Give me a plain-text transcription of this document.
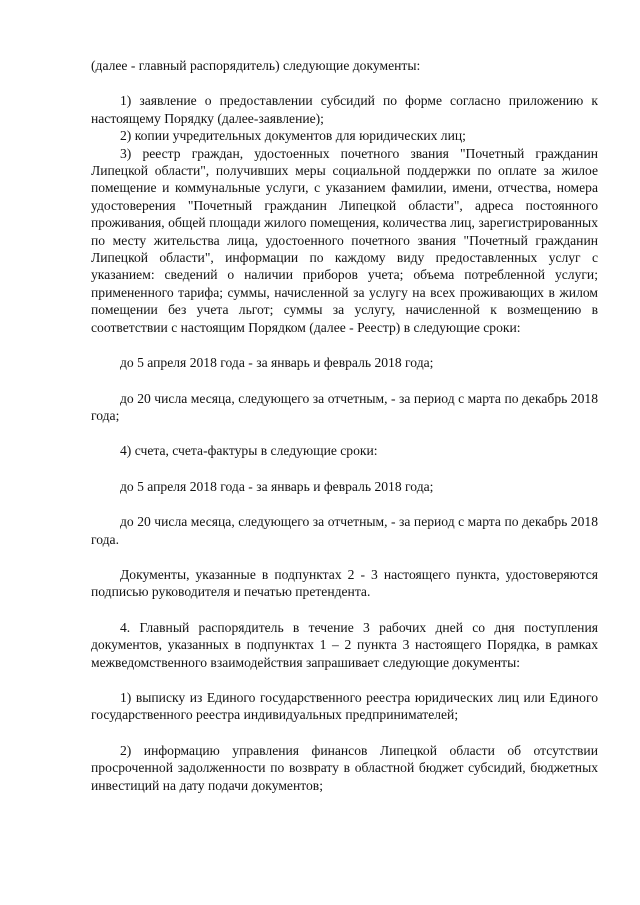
(далее - главный распорядитель) следующие документы:

1) заявление о предоставлении субсидий по форме согласно приложению к настоящему Порядку (далее-заявление);

2) копии учредительных документов для юридических лиц;

3) реестр граждан, удостоенных почетного звания "Почетный гражданин Липецкой области", получивших меры социальной поддержки по оплате за жилое помещение и коммунальные услуги, с указанием фамилии, имени, отчества, номера удостоверения "Почетный гражданин Липецкой области", адреса постоянного проживания, общей площади жилого помещения, количества лиц, зарегистрированных по месту жительства лица, удостоенного почетного звания "Почетный гражданин Липецкой области", информации по каждому виду предоставленных услуг с указанием: сведений о наличии приборов учета; объема потребленной услуги; примененного тарифа; суммы, начисленной за услугу на всех проживающих в жилом помещении без учета льгот; суммы за услугу, начисленной к возмещению в соответствии с настоящим Порядком (далее - Реестр) в следующие сроки:

до 5 апреля 2018 года - за январь и февраль 2018 года;

до 20 числа месяца, следующего за отчетным, - за период с марта по декабрь 2018 года;

4) счета, счета-фактуры в следующие сроки:

до 5 апреля 2018 года - за январь и февраль 2018 года;

до 20 числа месяца, следующего за отчетным, - за период с марта по декабрь 2018 года.

Документы, указанные в подпунктах 2 - 3 настоящего пункта, удостоверяются подписью руководителя и печатью претендента.

4. Главный распорядитель в течение 3 рабочих дней со дня поступления документов, указанных в подпунктах 1 – 2 пункта 3 настоящего Порядка, в рамках межведомственного взаимодействия запрашивает следующие документы:

1) выписку из Единого государственного реестра юридических лиц или Единого государственного реестра индивидуальных предпринимателей;

2) информацию управления финансов Липецкой области об отсутствии просроченной задолженности по возврату в областной бюджет субсидий, бюджетных инвестиций на дату подачи документов;
